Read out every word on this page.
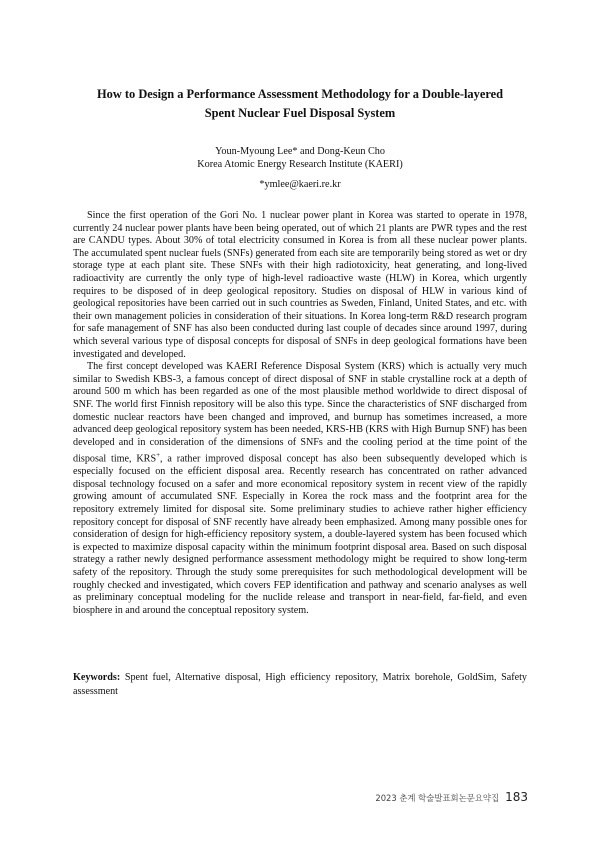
How to Design a Performance Assessment Methodology for a Double-layered
Spent Nuclear Fuel Disposal System
Youn-Myoung Lee* and Dong-Keun Cho
Korea Atomic Energy Research Institute (KAERI)
*ymlee@kaeri.re.kr

Since the first operation of the Gori No. 1 nuclear power plant in Korea was started to operate in 1978, currently 24 nuclear power plants have been being operated, out of which 21 plants are PWR types and the rest are CANDU types. About 30% of total electricity consumed in Korea is from all these nuclear power plants. The accumulated spent nuclear fuels (SNFs) generated from each site are temporarily being stored as wet or dry storage type at each plant site. These SNFs with their high radiotoxicity, heat generating, and long-lived radioactivity are currently the only type of high-level radioactive waste (HLW) in Korea, which urgently requires to be disposed of in deep geological repository. Studies on disposal of HLW in various kind of geological repositories have been carried out in such countries as Sweden, Finland, United States, and etc. with their own management policies in consideration of their situations. In Korea long-term R&D research program for safe management of SNF has also been conducted during last couple of decades since around 1997, during which several various type of disposal concepts for disposal of SNFs in deep geological formations have been investigated and developed.

The first concept developed was KAERI Reference Disposal System (KRS) which is actually very much similar to Swedish KBS-3, a famous concept of direct disposal of SNF in stable crystalline rock at a depth of around 500 m which has been regarded as one of the most plausible method worldwide to direct disposal of SNF. The world first Finnish repository will be also this type. Since the characteristics of SNF discharged from domestic nuclear reactors have been changed and improved, and burnup has sometimes increased, a more advanced deep geological repository system has been needed, KRS-HB (KRS with High Burnup SNF) has been developed and in consideration of the dimensions of SNFs and the cooling period at the time point of the disposal time, KRS+, a rather improved disposal concept has also been subsequently developed which is especially focused on the efficient disposal area. Recently research has concentrated on rather advanced disposal technology focused on a safer and more economical repository system in recent view of the rapidly growing amount of accumulated SNF. Especially in Korea the rock mass and the footprint area for the repository extremely limited for disposal site. Some preliminary studies to achieve rather higher efficiency repository concept for disposal of SNF recently have already been emphasized. Among many possible ones for consideration of design for high-efficiency repository system, a double-layered system has been focused which is expected to maximize disposal capacity within the minimum footprint disposal area. Based on such disposal strategy a rather newly designed performance assessment methodology might be required to show long-term safety of the repository. Through the study some prerequisites for such methodological development will be roughly checked and investigated, which covers FEP identification and pathway and scenario analyses as well as preliminary conceptual modeling for the nuclide release and transport in near-field, far-field, and even biosphere in and around the conceptual repository system.

Keywords: Spent fuel, Alternative disposal, High efficiency repository, Matrix borehole, GoldSim, Safety assessment
2023 춘계 학술발표회논문요약집 183
